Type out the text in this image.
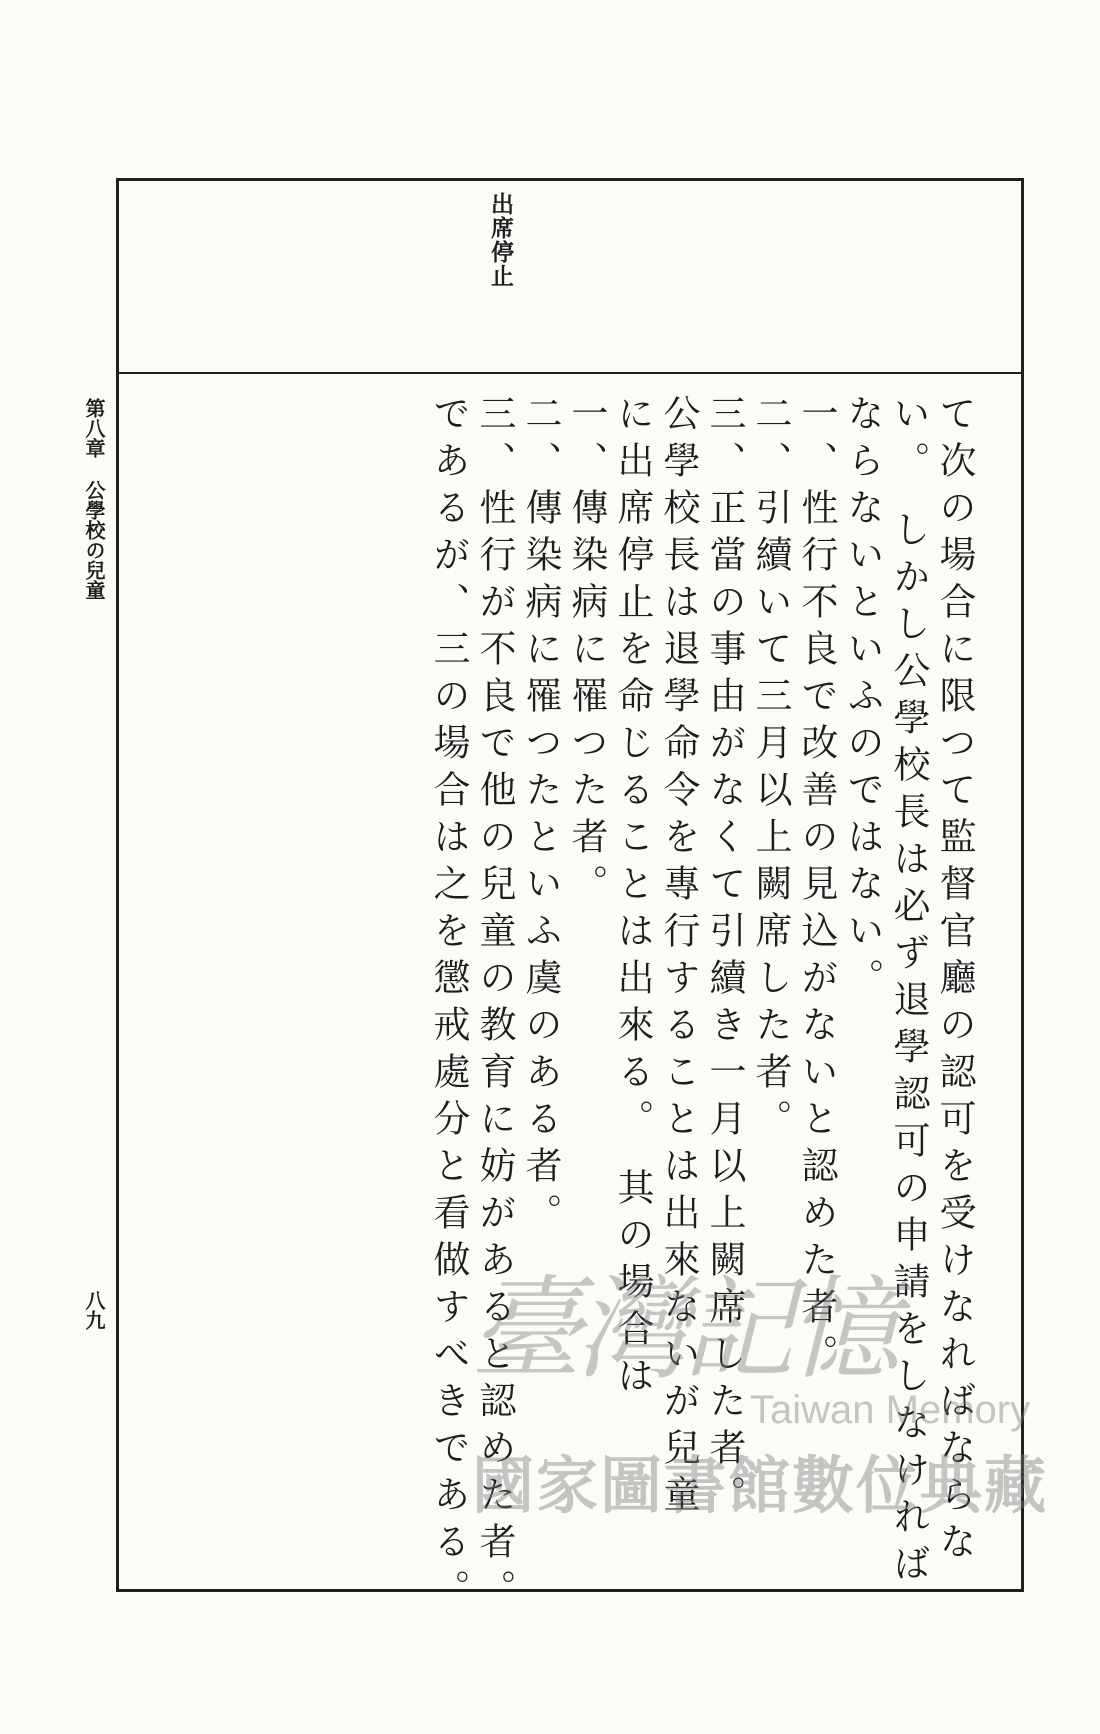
出席停止
第八章公學校の兒童
八九	て次の場合に限つて監督官廳の認可を受けなればならな
い。 しかし公學校長は必ず退學認可の申請をしなければ
ならないといふのではない。
一、性行不良で改善の見込がないと認めた者。
二、引續いて三月以上闕席した者。
三、正當の事由がなくて引續き一月以上闕席した者。
公學校長は退學命令を專行することは出來ないが兒童
に出席停止を命じることは出來る。 其の場合は
一、傳染病に罹つた者。
二、傳染病に罹つたといふ虞のある者。
三、性行が不良で他の兒童の教育に妨があると認めた者。
であるが、三の場合は之を懲戒處分と看做すべきである。 臺灣記憶
Taiwan Memory
國家圖書館數位典藏
